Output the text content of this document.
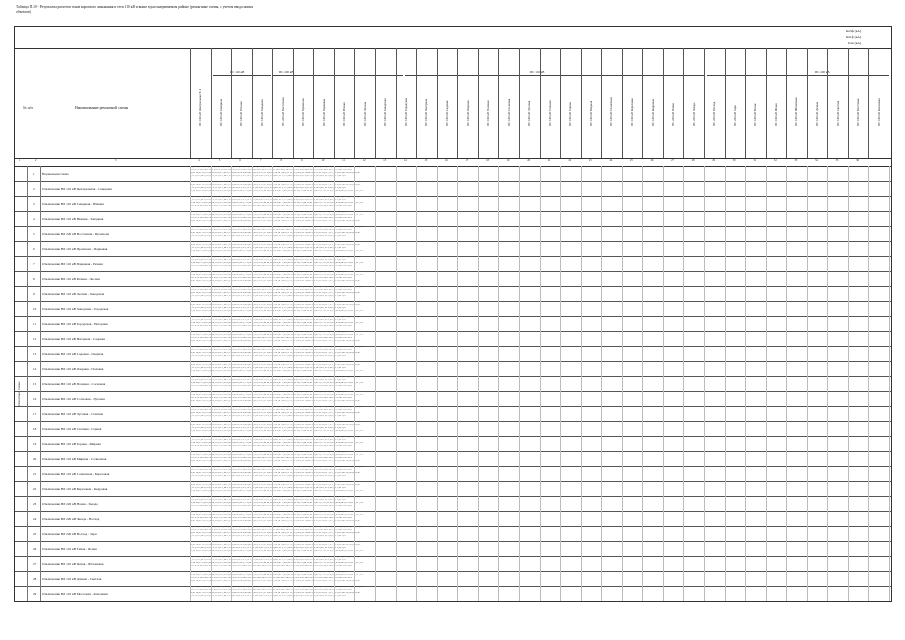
Таблица П.10 - Результаты расчетов токов короткого замыкания в сети 110 кВ и выше в рассматриваемом районе (ремонтные схемы, с учетом ввода новых объектов)
Iкз3ф (кА)
Iкз1ф (кА)
Iотк (кА)
№ п/п	Наименование ремонтной схемы
ПС 110 кВ	ПС 220 кВ	ПС 110 кВ	ПС 220 кВ
ПС 110 кВ Центральная Т-1	ПС 110 кВ Северная	ПС 110 кВ Южная	ПС 110 кВ Западная	ПС 220 кВ Восточная	ПС 110 кВ Промзона	ПС 110 кВ Парковая	ПС 110 кВ Речная	ПС 110 кВ Лесная	ПС 110 кВ Заводская	ПС 110 кВ Городская	ПС 110 кВ Нагорная	ПС 110 кВ Садовая	ПС 110 кВ Озерная	ПС 110 кВ Полевая	ПС 110 кВ Сосновая	ПС 110 кВ Луговая	ПС 110 кВ Степная	ПС 110 кВ Горная	ПС 110 кВ Мирная	ПС 110 кВ Солнечная	ПС 110 кВ Березовая	ПС 110 кВ Кедровая	ПС 220 кВ Новая	ПС 220 кВ Звезда	ПС 220 кВ Восход	ПС 220 кВ Заря	ПС 110 кВ Тихая	ПС 110 кВ Ясная	ПС 110 кВ Яблоневая	ПС 110 кВ Дачная	ПС 110 кВ Светлая	ПС 110 кВ Мостовая	ПС 110 кВ Ключевая
1	2	3	4	5	6	7	8	9	10	11	12	13	14	15	16	17	18	19	20	21	22	23	24	25	26	27	28	29	30	31	32	33	34	35	36
Ремонтные схемы
1 Нормальная схема
11,24 10,87 12,03 9,56 14,21 8,93 7,65 6,82 10,44 11,09 9,77 8,34 7,91 6,55 12,68 10,13 9,02 8,47 7,38 6,96 11,85 10,27 9,64 15,42 13,86 12,71 11,33 8,25 7,49 6,88 9,31 10,52 8,76 7,14
95% 97% 98% 96% 94% 99% 97% 95% 98% 96% 97% 94% 95% 99% 98% 96% 97% 95% 98% 96% 94% 97% 95% 99% 98% 96% 97% 95% 98% 96% 97% 94% 95% 99%
10,92 10,41 11,76 9,18 13,95 8,61 7,42 6,57 10,08 10,74 9,43 8,02 7,66 6,31 12,27 9,85 8,79 8,14 7,06 6,71 11,52 9,96 9,33 15,08 13,51 12,39 11,02 7,97 7,21 6,63 9,02 10,19 8,44 6,87
3,51 3,22 2,98 2,61 4,12 2,35 2,07 1,84 2,76 3,05 2,69 2,31 2,16 1,79 3,38 2,83 2,52 2,37 2,04 1,91 3,27 2,88 2,66 4,61 4,13 3,82 3,17 2,28 2,09 1,93 2,58 2,97 2,42 2,01
2 Отключение ВЛ 110 кВ Центральная - Северная
95% 97% 98% 96% 94% 99% 97% 95% 98% 96% 97% 94% 95% 99% 98% 96% 97% 95% 98% 96% 94% 97% 95% 99% 98% 96% 97% 95% 98% 96% 97% 94% 95% 99%
10,92 10,41 11,76 9,18 13,95 8,61 7,42 6,57 10,08 10,74 9,43 8,02 7,66 6,31 12,27 9,85 8,79 8,14 7,06 6,71 11,52 9,96 9,33 15,08 13,51 12,39 11,02 7,97 7,21 6,63 9,02 10,19 8,44 6,87
3,51 3,22 2,98 2,61 4,12 2,35 2,07 1,84 2,76 3,05 2,69 2,31 2,16 1,79 3,38 2,83 2,52 2,37 2,04 1,91 3,27 2,88 2,66 4,61 4,13 3,82 3,17 2,28 2,09 1,93 2,58 2,97 2,42 2,01
11,24 10,87 12,03 9,56 14,21 8,93 7,65 6,82 10,44 11,09 9,77 8,34 7,91 6,55 12,68 10,13 9,02 8,47 7,38 6,96 11,85 10,27 9,64 15,42 13,86 12,71 11,33 8,25 7,49 6,88 9,31 10,52 8,76 7,14
3 Отключение ВЛ 110 кВ Северная - Южная
10,92 10,41 11,76 9,18 13,95 8,61 7,42 6,57 10,08 10,74 9,43 8,02 7,66 6,31 12,27 9,85 8,79 8,14 7,06 6,71 11,52 9,96 9,33 15,08 13,51 12,39 11,02 7,97 7,21 6,63 9,02 10,19 8,44 6,87
3,51 3,22 2,98 2,61 4,12 2,35 2,07 1,84 2,76 3,05 2,69 2,31 2,16 1,79 3,38 2,83 2,52 2,37 2,04 1,91 3,27 2,88 2,66 4,61 4,13 3,82 3,17 2,28 2,09 1,93 2,58 2,97 2,42 2,01
11,24 10,87 12,03 9,56 14,21 8,93 7,65 6,82 10,44 11,09 9,77 8,34 7,91 6,55 12,68 10,13 9,02 8,47 7,38 6,96 11,85 10,27 9,64 15,42 13,86 12,71 11,33 8,25 7,49 6,88 9,31 10,52 8,76 7,14
95% 97% 98% 96% 94% 99% 97% 95% 98% 96% 97% 94% 95% 99% 98% 96% 97% 95% 98% 96% 94% 97% 95% 99% 98% 96% 97% 95% 98% 96% 97% 94% 95% 99%
4 Отключение ВЛ 110 кВ Южная - Западная
3,51 3,22 2,98 2,61 4,12 2,35 2,07 1,84 2,76 3,05 2,69 2,31 2,16 1,79 3,38 2,83 2,52 2,37 2,04 1,91 3,27 2,88 2,66 4,61 4,13 3,82 3,17 2,28 2,09 1,93 2,58 2,97 2,42 2,01
11,24 10,87 12,03 9,56 14,21 8,93 7,65 6,82 10,44 11,09 9,77 8,34 7,91 6,55 12,68 10,13 9,02 8,47 7,38 6,96 11,85 10,27 9,64 15,42 13,86 12,71 11,33 8,25 7,49 6,88 9,31 10,52 8,76 7,14
95% 97% 98% 96% 94% 99% 97% 95% 98% 96% 97% 94% 95% 99% 98% 96% 97% 95% 98% 96% 94% 97% 95% 99% 98% 96% 97% 95% 98% 96% 97% 94% 95% 99%
10,92 10,41 11,76 9,18 13,95 8,61 7,42 6,57 10,08 10,74 9,43 8,02 7,66 6,31 12,27 9,85 8,79 8,14 7,06 6,71 11,52 9,96 9,33 15,08 13,51 12,39 11,02 7,97 7,21 6,63 9,02 10,19 8,44 6,87
5 Отключение ВЛ 220 кВ Восточная - Промзона
11,24 10,87 12,03 9,56 14,21 8,93 7,65 6,82 10,44 11,09 9,77 8,34 7,91 6,55 12,68 10,13 9,02 8,47 7,38 6,96 11,85 10,27 9,64 15,42 13,86 12,71 11,33 8,25 7,49 6,88 9,31 10,52 8,76 7,14
95% 97% 98% 96% 94% 99% 97% 95% 98% 96% 97% 94% 95% 99% 98% 96% 97% 95% 98% 96% 94% 97% 95% 99% 98% 96% 97% 95% 98% 96% 97% 94% 95% 99%
10,92 10,41 11,76 9,18 13,95 8,61 7,42 6,57 10,08 10,74 9,43 8,02 7,66 6,31 12,27 9,85 8,79 8,14 7,06 6,71 11,52 9,96 9,33 15,08 13,51 12,39 11,02 7,97 7,21 6,63 9,02 10,19 8,44 6,87
3,51 3,22 2,98 2,61 4,12 2,35 2,07 1,84 2,76 3,05 2,69 2,31 2,16 1,79 3,38 2,83 2,52 2,37 2,04 1,91 3,27 2,88 2,66 4,61 4,13 3,82 3,17 2,28 2,09 1,93 2,58 2,97 2,42 2,01
6 Отключение ВЛ 110 кВ Промзона - Парковая
95% 97% 98% 96% 94% 99% 97% 95% 98% 96% 97% 94% 95% 99% 98% 96% 97% 95% 98% 96% 94% 97% 95% 99% 98% 96% 97% 95% 98% 96% 97% 94% 95% 99%
10,92 10,41 11,76 9,18 13,95 8,61 7,42 6,57 10,08 10,74 9,43 8,02 7,66 6,31 12,27 9,85 8,79 8,14 7,06 6,71 11,52 9,96 9,33 15,08 13,51 12,39 11,02 7,97 7,21 6,63 9,02 10,19 8,44 6,87
3,51 3,22 2,98 2,61 4,12 2,35 2,07 1,84 2,76 3,05 2,69 2,31 2,16 1,79 3,38 2,83 2,52 2,37 2,04 1,91 3,27 2,88 2,66 4,61 4,13 3,82 3,17 2,28 2,09 1,93 2,58 2,97 2,42 2,01
11,24 10,87 12,03 9,56 14,21 8,93 7,65 6,82 10,44 11,09 9,77 8,34 7,91 6,55 12,68 10,13 9,02 8,47 7,38 6,96 11,85 10,27 9,64 15,42 13,86 12,71 11,33 8,25 7,49 6,88 9,31 10,52 8,76 7,14
7 Отключение ВЛ 110 кВ Парковая - Речная
10,92 10,41 11,76 9,18 13,95 8,61 7,42 6,57 10,08 10,74 9,43 8,02 7,66 6,31 12,27 9,85 8,79 8,14 7,06 6,71 11,52 9,96 9,33 15,08 13,51 12,39 11,02 7,97 7,21 6,63 9,02 10,19 8,44 6,87
3,51 3,22 2,98 2,61 4,12 2,35 2,07 1,84 2,76 3,05 2,69 2,31 2,16 1,79 3,38 2,83 2,52 2,37 2,04 1,91 3,27 2,88 2,66 4,61 4,13 3,82 3,17 2,28 2,09 1,93 2,58 2,97 2,42 2,01
11,24 10,87 12,03 9,56 14,21 8,93 7,65 6,82 10,44 11,09 9,77 8,34 7,91 6,55 12,68 10,13 9,02 8,47 7,38 6,96 11,85 10,27 9,64 15,42 13,86 12,71 11,33 8,25 7,49 6,88 9,31 10,52 8,76 7,14
95% 97% 98% 96% 94% 99% 97% 95% 98% 96% 97% 94% 95% 99% 98% 96% 97% 95% 98% 96% 94% 97% 95% 99% 98% 96% 97% 95% 98% 96% 97% 94% 95% 99%
8 Отключение ВЛ 110 кВ Речная - Лесная
3,51 3,22 2,98 2,61 4,12 2,35 2,07 1,84 2,76 3,05 2,69 2,31 2,16 1,79 3,38 2,83 2,52 2,37 2,04 1,91 3,27 2,88 2,66 4,61 4,13 3,82 3,17 2,28 2,09 1,93 2,58 2,97 2,42 2,01
11,24 10,87 12,03 9,56 14,21 8,93 7,65 6,82 10,44 11,09 9,77 8,34 7,91 6,55 12,68 10,13 9,02 8,47 7,38 6,96 11,85 10,27 9,64 15,42 13,86 12,71 11,33 8,25 7,49 6,88 9,31 10,52 8,76 7,14
95% 97% 98% 96% 94% 99% 97% 95% 98% 96% 97% 94% 95% 99% 98% 96% 97% 95% 98% 96% 94% 97% 95% 99% 98% 96% 97% 95% 98% 96% 97% 94% 95% 99%
10,92 10,41 11,76 9,18 13,95 8,61 7,42 6,57 10,08 10,74 9,43 8,02 7,66 6,31 12,27 9,85 8,79 8,14 7,06 6,71 11,52 9,96 9,33 15,08 13,51 12,39 11,02 7,97 7,21 6,63 9,02 10,19 8,44 6,87
9 Отключение ВЛ 110 кВ Лесная - Заводская
11,24 10,87 12,03 9,56 14,21 8,93 7,65 6,82 10,44 11,09 9,77 8,34 7,91 6,55 12,68 10,13 9,02 8,47 7,38 6,96 11,85 10,27 9,64 15,42 13,86 12,71 11,33 8,25 7,49 6,88 9,31 10,52 8,76 7,14
95% 97% 98% 96% 94% 99% 97% 95% 98% 96% 97% 94% 95% 99% 98% 96% 97% 95% 98% 96% 94% 97% 95% 99% 98% 96% 97% 95% 98% 96% 97% 94% 95% 99%
10,92 10,41 11,76 9,18 13,95 8,61 7,42 6,57 10,08 10,74 9,43 8,02 7,66 6,31 12,27 9,85 8,79 8,14 7,06 6,71 11,52 9,96 9,33 15,08 13,51 12,39 11,02 7,97 7,21 6,63 9,02 10,19 8,44 6,87
3,51 3,22 2,98 2,61 4,12 2,35 2,07 1,84 2,76 3,05 2,69 2,31 2,16 1,79 3,38 2,83 2,52 2,37 2,04 1,91 3,27 2,88 2,66 4,61 4,13 3,82 3,17 2,28 2,09 1,93 2,58 2,97 2,42 2,01
10 Отключение ВЛ 110 кВ Заводская - Городская
95% 97% 98% 96% 94% 99% 97% 95% 98% 96% 97% 94% 95% 99% 98% 96% 97% 95% 98% 96% 94% 97% 95% 99% 98% 96% 97% 95% 98% 96% 97% 94% 95% 99%
10,92 10,41 11,76 9,18 13,95 8,61 7,42 6,57 10,08 10,74 9,43 8,02 7,66 6,31 12,27 9,85 8,79 8,14 7,06 6,71 11,52 9,96 9,33 15,08 13,51 12,39 11,02 7,97 7,21 6,63 9,02 10,19 8,44 6,87
3,51 3,22 2,98 2,61 4,12 2,35 2,07 1,84 2,76 3,05 2,69 2,31 2,16 1,79 3,38 2,83 2,52 2,37 2,04 1,91 3,27 2,88 2,66 4,61 4,13 3,82 3,17 2,28 2,09 1,93 2,58 2,97 2,42 2,01
11,24 10,87 12,03 9,56 14,21 8,93 7,65 6,82 10,44 11,09 9,77 8,34 7,91 6,55 12,68 10,13 9,02 8,47 7,38 6,96 11,85 10,27 9,64 15,42 13,86 12,71 11,33 8,25 7,49 6,88 9,31 10,52 8,76 7,14
11 Отключение ВЛ 110 кВ Городская - Нагорная
10,92 10,41 11,76 9,18 13,95 8,61 7,42 6,57 10,08 10,74 9,43 8,02 7,66 6,31 12,27 9,85 8,79 8,14 7,06 6,71 11,52 9,96 9,33 15,08 13,51 12,39 11,02 7,97 7,21 6,63 9,02 10,19 8,44 6,87
3,51 3,22 2,98 2,61 4,12 2,35 2,07 1,84 2,76 3,05 2,69 2,31 2,16 1,79 3,38 2,83 2,52 2,37 2,04 1,91 3,27 2,88 2,66 4,61 4,13 3,82 3,17 2,28 2,09 1,93 2,58 2,97 2,42 2,01
11,24 10,87 12,03 9,56 14,21 8,93 7,65 6,82 10,44 11,09 9,77 8,34 7,91 6,55 12,68 10,13 9,02 8,47 7,38 6,96 11,85 10,27 9,64 15,42 13,86 12,71 11,33 8,25 7,49 6,88 9,31 10,52 8,76 7,14
95% 97% 98% 96% 94% 99% 97% 95% 98% 96% 97% 94% 95% 99% 98% 96% 97% 95% 98% 96% 94% 97% 95% 99% 98% 96% 97% 95% 98% 96% 97% 94% 95% 99%
12 Отключение ВЛ 110 кВ Нагорная - Садовая
3,51 3,22 2,98 2,61 4,12 2,35 2,07 1,84 2,76 3,05 2,69 2,31 2,16 1,79 3,38 2,83 2,52 2,37 2,04 1,91 3,27 2,88 2,66 4,61 4,13 3,82 3,17 2,28 2,09 1,93 2,58 2,97 2,42 2,01
11,24 10,87 12,03 9,56 14,21 8,93 7,65 6,82 10,44 11,09 9,77 8,34 7,91 6,55 12,68 10,13 9,02 8,47 7,38 6,96 11,85 10,27 9,64 15,42 13,86 12,71 11,33 8,25 7,49 6,88 9,31 10,52 8,76 7,14
95% 97% 98% 96% 94% 99% 97% 95% 98% 96% 97% 94% 95% 99% 98% 96% 97% 95% 98% 96% 94% 97% 95% 99% 98% 96% 97% 95% 98% 96% 97% 94% 95% 99%
10,92 10,41 11,76 9,18 13,95 8,61 7,42 6,57 10,08 10,74 9,43 8,02 7,66 6,31 12,27 9,85 8,79 8,14 7,06 6,71 11,52 9,96 9,33 15,08 13,51 12,39 11,02 7,97 7,21 6,63 9,02 10,19 8,44 6,87
13 Отключение ВЛ 110 кВ Садовая - Озерная
11,24 10,87 12,03 9,56 14,21 8,93 7,65 6,82 10,44 11,09 9,77 8,34 7,91 6,55 12,68 10,13 9,02 8,47 7,38 6,96 11,85 10,27 9,64 15,42 13,86 12,71 11,33 8,25 7,49 6,88 9,31 10,52 8,76 7,14
95% 97% 98% 96% 94% 99% 97% 95% 98% 96% 97% 94% 95% 99% 98% 96% 97% 95% 98% 96% 94% 97% 95% 99% 98% 96% 97% 95% 98% 96% 97% 94% 95% 99%
10,92 10,41 11,76 9,18 13,95 8,61 7,42 6,57 10,08 10,74 9,43 8,02 7,66 6,31 12,27 9,85 8,79 8,14 7,06 6,71 11,52 9,96 9,33 15,08 13,51 12,39 11,02 7,97 7,21 6,63 9,02 10,19 8,44 6,87
3,51 3,22 2,98 2,61 4,12 2,35 2,07 1,84 2,76 3,05 2,69 2,31 2,16 1,79 3,38 2,83 2,52 2,37 2,04 1,91 3,27 2,88 2,66 4,61 4,13 3,82 3,17 2,28 2,09 1,93 2,58 2,97 2,42 2,01
14 Отключение ВЛ 110 кВ Озерная - Полевая
95% 97% 98% 96% 94% 99% 97% 95% 98% 96% 97% 94% 95% 99% 98% 96% 97% 95% 98% 96% 94% 97% 95% 99% 98% 96% 97% 95% 98% 96% 97% 94% 95% 99%
10,92 10,41 11,76 9,18 13,95 8,61 7,42 6,57 10,08 10,74 9,43 8,02 7,66 6,31 12,27 9,85 8,79 8,14 7,06 6,71 11,52 9,96 9,33 15,08 13,51 12,39 11,02 7,97 7,21 6,63 9,02 10,19 8,44 6,87
3,51 3,22 2,98 2,61 4,12 2,35 2,07 1,84 2,76 3,05 2,69 2,31 2,16 1,79 3,38 2,83 2,52 2,37 2,04 1,91 3,27 2,88 2,66 4,61 4,13 3,82 3,17 2,28 2,09 1,93 2,58 2,97 2,42 2,01
11,24 10,87 12,03 9,56 14,21 8,93 7,65 6,82 10,44 11,09 9,77 8,34 7,91 6,55 12,68 10,13 9,02 8,47 7,38 6,96 11,85 10,27 9,64 15,42 13,86 12,71 11,33 8,25 7,49 6,88 9,31 10,52 8,76 7,14
15 Отключение ВЛ 110 кВ Полевая - Сосновая
10,92 10,41 11,76 9,18 13,95 8,61 7,42 6,57 10,08 10,74 9,43 8,02 7,66 6,31 12,27 9,85 8,79 8,14 7,06 6,71 11,52 9,96 9,33 15,08 13,51 12,39 11,02 7,97 7,21 6,63 9,02 10,19 8,44 6,87
3,51 3,22 2,98 2,61 4,12 2,35 2,07 1,84 2,76 3,05 2,69 2,31 2,16 1,79 3,38 2,83 2,52 2,37 2,04 1,91 3,27 2,88 2,66 4,61 4,13 3,82 3,17 2,28 2,09 1,93 2,58 2,97 2,42 2,01
11,24 10,87 12,03 9,56 14,21 8,93 7,65 6,82 10,44 11,09 9,77 8,34 7,91 6,55 12,68 10,13 9,02 8,47 7,38 6,96 11,85 10,27 9,64 15,42 13,86 12,71 11,33 8,25 7,49 6,88 9,31 10,52 8,76 7,14
95% 97% 98% 96% 94% 99% 97% 95% 98% 96% 97% 94% 95% 99% 98% 96% 97% 95% 98% 96% 94% 97% 95% 99% 98% 96% 97% 95% 98% 96% 97% 94% 95% 99%
16 Отключение ВЛ 110 кВ Сосновая - Луговая
3,51 3,22 2,98 2,61 4,12 2,35 2,07 1,84 2,76 3,05 2,69 2,31 2,16 1,79 3,38 2,83 2,52 2,37 2,04 1,91 3,27 2,88 2,66 4,61 4,13 3,82 3,17 2,28 2,09 1,93 2,58 2,97 2,42 2,01
11,24 10,87 12,03 9,56 14,21 8,93 7,65 6,82 10,44 11,09 9,77 8,34 7,91 6,55 12,68 10,13 9,02 8,47 7,38 6,96 11,85 10,27 9,64 15,42 13,86 12,71 11,33 8,25 7,49 6,88 9,31 10,52 8,76 7,14
95% 97% 98% 96% 94% 99% 97% 95% 98% 96% 97% 94% 95% 99% 98% 96% 97% 95% 98% 96% 94% 97% 95% 99% 98% 96% 97% 95% 98% 96% 97% 94% 95% 99%
10,92 10,41 11,76 9,18 13,95 8,61 7,42 6,57 10,08 10,74 9,43 8,02 7,66 6,31 12,27 9,85 8,79 8,14 7,06 6,71 11,52 9,96 9,33 15,08 13,51 12,39 11,02 7,97 7,21 6,63 9,02 10,19 8,44 6,87
17 Отключение ВЛ 110 кВ Луговая - Степная
11,24 10,87 12,03 9,56 14,21 8,93 7,65 6,82 10,44 11,09 9,77 8,34 7,91 6,55 12,68 10,13 9,02 8,47 7,38 6,96 11,85 10,27 9,64 15,42 13,86 12,71 11,33 8,25 7,49 6,88 9,31 10,52 8,76 7,14
95% 97% 98% 96% 94% 99% 97% 95% 98% 96% 97% 94% 95% 99% 98% 96% 97% 95% 98% 96% 94% 97% 95% 99% 98% 96% 97% 95% 98% 96% 97% 94% 95% 99%
10,92 10,41 11,76 9,18 13,95 8,61 7,42 6,57 10,08 10,74 9,43 8,02 7,66 6,31 12,27 9,85 8,79 8,14 7,06 6,71 11,52 9,96 9,33 15,08 13,51 12,39 11,02 7,97 7,21 6,63 9,02 10,19 8,44 6,87
3,51 3,22 2,98 2,61 4,12 2,35 2,07 1,84 2,76 3,05 2,69 2,31 2,16 1,79 3,38 2,83 2,52 2,37 2,04 1,91 3,27 2,88 2,66 4,61 4,13 3,82 3,17 2,28 2,09 1,93 2,58 2,97 2,42 2,01
18 Отключение ВЛ 110 кВ Степная - Горная
95% 97% 98% 96% 94% 99% 97% 95% 98% 96% 97% 94% 95% 99% 98% 96% 97% 95% 98% 96% 94% 97% 95% 99% 98% 96% 97% 95% 98% 96% 97% 94% 95% 99%
10,92 10,41 11,76 9,18 13,95 8,61 7,42 6,57 10,08 10,74 9,43 8,02 7,66 6,31 12,27 9,85 8,79 8,14 7,06 6,71 11,52 9,96 9,33 15,08 13,51 12,39 11,02 7,97 7,21 6,63 9,02 10,19 8,44 6,87
3,51 3,22 2,98 2,61 4,12 2,35 2,07 1,84 2,76 3,05 2,69 2,31 2,16 1,79 3,38 2,83 2,52 2,37 2,04 1,91 3,27 2,88 2,66 4,61 4,13 3,82 3,17 2,28 2,09 1,93 2,58 2,97 2,42 2,01
11,24 10,87 12,03 9,56 14,21 8,93 7,65 6,82 10,44 11,09 9,77 8,34 7,91 6,55 12,68 10,13 9,02 8,47 7,38 6,96 11,85 10,27 9,64 15,42 13,86 12,71 11,33 8,25 7,49 6,88 9,31 10,52 8,76 7,14
19 Отключение ВЛ 110 кВ Горная - Мирная
10,92 10,41 11,76 9,18 13,95 8,61 7,42 6,57 10,08 10,74 9,43 8,02 7,66 6,31 12,27 9,85 8,79 8,14 7,06 6,71 11,52 9,96 9,33 15,08 13,51 12,39 11,02 7,97 7,21 6,63 9,02 10,19 8,44 6,87
3,51 3,22 2,98 2,61 4,12 2,35 2,07 1,84 2,76 3,05 2,69 2,31 2,16 1,79 3,38 2,83 2,52 2,37 2,04 1,91 3,27 2,88 2,66 4,61 4,13 3,82 3,17 2,28 2,09 1,93 2,58 2,97 2,42 2,01
11,24 10,87 12,03 9,56 14,21 8,93 7,65 6,82 10,44 11,09 9,77 8,34 7,91 6,55 12,68 10,13 9,02 8,47 7,38 6,96 11,85 10,27 9,64 15,42 13,86 12,71 11,33 8,25 7,49 6,88 9,31 10,52 8,76 7,14
95% 97% 98% 96% 94% 99% 97% 95% 98% 96% 97% 94% 95% 99% 98% 96% 97% 95% 98% 96% 94% 97% 95% 99% 98% 96% 97% 95% 98% 96% 97% 94% 95% 99%
20 Отключение ВЛ 110 кВ Мирная - Солнечная
3,51 3,22 2,98 2,61 4,12 2,35 2,07 1,84 2,76 3,05 2,69 2,31 2,16 1,79 3,38 2,83 2,52 2,37 2,04 1,91 3,27 2,88 2,66 4,61 4,13 3,82 3,17 2,28 2,09 1,93 2,58 2,97 2,42 2,01
11,24 10,87 12,03 9,56 14,21 8,93 7,65 6,82 10,44 11,09 9,77 8,34 7,91 6,55 12,68 10,13 9,02 8,47 7,38 6,96 11,85 10,27 9,64 15,42 13,86 12,71 11,33 8,25 7,49 6,88 9,31 10,52 8,76 7,14
95% 97% 98% 96% 94% 99% 97% 95% 98% 96% 97% 94% 95% 99% 98% 96% 97% 95% 98% 96% 94% 97% 95% 99% 98% 96% 97% 95% 98% 96% 97% 94% 95% 99%
10,92 10,41 11,76 9,18 13,95 8,61 7,42 6,57 10,08 10,74 9,43 8,02 7,66 6,31 12,27 9,85 8,79 8,14 7,06 6,71 11,52 9,96 9,33 15,08 13,51 12,39 11,02 7,97 7,21 6,63 9,02 10,19 8,44 6,87
21 Отключение ВЛ 110 кВ Солнечная - Березовая
11,24 10,87 12,03 9,56 14,21 8,93 7,65 6,82 10,44 11,09 9,77 8,34 7,91 6,55 12,68 10,13 9,02 8,47 7,38 6,96 11,85 10,27 9,64 15,42 13,86 12,71 11,33 8,25 7,49 6,88 9,31 10,52 8,76 7,14
95% 97% 98% 96% 94% 99% 97% 95% 98% 96% 97% 94% 95% 99% 98% 96% 97% 95% 98% 96% 94% 97% 95% 99% 98% 96% 97% 95% 98% 96% 97% 94% 95% 99%
10,92 10,41 11,76 9,18 13,95 8,61 7,42 6,57 10,08 10,74 9,43 8,02 7,66 6,31 12,27 9,85 8,79 8,14 7,06 6,71 11,52 9,96 9,33 15,08 13,51 12,39 11,02 7,97 7,21 6,63 9,02 10,19 8,44 6,87
3,51 3,22 2,98 2,61 4,12 2,35 2,07 1,84 2,76 3,05 2,69 2,31 2,16 1,79 3,38 2,83 2,52 2,37 2,04 1,91 3,27 2,88 2,66 4,61 4,13 3,82 3,17 2,28 2,09 1,93 2,58 2,97 2,42 2,01
22 Отключение ВЛ 110 кВ Березовая - Кедровая
95% 97% 98% 96% 94% 99% 97% 95% 98% 96% 97% 94% 95% 99% 98% 96% 97% 95% 98% 96% 94% 97% 95% 99% 98% 96% 97% 95% 98% 96% 97% 94% 95% 99%
10,92 10,41 11,76 9,18 13,95 8,61 7,42 6,57 10,08 10,74 9,43 8,02 7,66 6,31 12,27 9,85 8,79 8,14 7,06 6,71 11,52 9,96 9,33 15,08 13,51 12,39 11,02 7,97 7,21 6,63 9,02 10,19 8,44 6,87
3,51 3,22 2,98 2,61 4,12 2,35 2,07 1,84 2,76 3,05 2,69 2,31 2,16 1,79 3,38 2,83 2,52 2,37 2,04 1,91 3,27 2,88 2,66 4,61 4,13 3,82 3,17 2,28 2,09 1,93 2,58 2,97 2,42 2,01
11,24 10,87 12,03 9,56 14,21 8,93 7,65 6,82 10,44 11,09 9,77 8,34 7,91 6,55 12,68 10,13 9,02 8,47 7,38 6,96 11,85 10,27 9,64 15,42 13,86 12,71 11,33 8,25 7,49 6,88 9,31 10,52 8,76 7,14
23 Отключение ВЛ 220 кВ Новая - Звезда
10,92 10,41 11,76 9,18 13,95 8,61 7,42 6,57 10,08 10,74 9,43 8,02 7,66 6,31 12,27 9,85 8,79 8,14 7,06 6,71 11,52 9,96 9,33 15,08 13,51 12,39 11,02 7,97 7,21 6,63 9,02 10,19 8,44 6,87
3,51 3,22 2,98 2,61 4,12 2,35 2,07 1,84 2,76 3,05 2,69 2,31 2,16 1,79 3,38 2,83 2,52 2,37 2,04 1,91 3,27 2,88 2,66 4,61 4,13 3,82 3,17 2,28 2,09 1,93 2,58 2,97 2,42 2,01
11,24 10,87 12,03 9,56 14,21 8,93 7,65 6,82 10,44 11,09 9,77 8,34 7,91 6,55 12,68 10,13 9,02 8,47 7,38 6,96 11,85 10,27 9,64 15,42 13,86 12,71 11,33 8,25 7,49 6,88 9,31 10,52 8,76 7,14
95% 97% 98% 96% 94% 99% 97% 95% 98% 96% 97% 94% 95% 99% 98% 96% 97% 95% 98% 96% 94% 97% 95% 99% 98% 96% 97% 95% 98% 96% 97% 94% 95% 99%
24 Отключение ВЛ 220 кВ Звезда - Восход
3,51 3,22 2,98 2,61 4,12 2,35 2,07 1,84 2,76 3,05 2,69 2,31 2,16 1,79 3,38 2,83 2,52 2,37 2,04 1,91 3,27 2,88 2,66 4,61 4,13 3,82 3,17 2,28 2,09 1,93 2,58 2,97 2,42 2,01
11,24 10,87 12,03 9,56 14,21 8,93 7,65 6,82 10,44 11,09 9,77 8,34 7,91 6,55 12,68 10,13 9,02 8,47 7,38 6,96 11,85 10,27 9,64 15,42 13,86 12,71 11,33 8,25 7,49 6,88 9,31 10,52 8,76 7,14
95% 97% 98% 96% 94% 99% 97% 95% 98% 96% 97% 94% 95% 99% 98% 96% 97% 95% 98% 96% 94% 97% 95% 99% 98% 96% 97% 95% 98% 96% 97% 94% 95% 99%
10,92 10,41 11,76 9,18 13,95 8,61 7,42 6,57 10,08 10,74 9,43 8,02 7,66 6,31 12,27 9,85 8,79 8,14 7,06 6,71 11,52 9,96 9,33 15,08 13,51 12,39 11,02 7,97 7,21 6,63 9,02 10,19 8,44 6,87
25 Отключение ВЛ 220 кВ Восход - Заря
11,24 10,87 12,03 9,56 14,21 8,93 7,65 6,82 10,44 11,09 9,77 8,34 7,91 6,55 12,68 10,13 9,02 8,47 7,38 6,96 11,85 10,27 9,64 15,42 13,86 12,71 11,33 8,25 7,49 6,88 9,31 10,52 8,76 7,14
95% 97% 98% 96% 94% 99% 97% 95% 98% 96% 97% 94% 95% 99% 98% 96% 97% 95% 98% 96% 94% 97% 95% 99% 98% 96% 97% 95% 98% 96% 97% 94% 95% 99%
10,92 10,41 11,76 9,18 13,95 8,61 7,42 6,57 10,08 10,74 9,43 8,02 7,66 6,31 12,27 9,85 8,79 8,14 7,06 6,71 11,52 9,96 9,33 15,08 13,51 12,39 11,02 7,97 7,21 6,63 9,02 10,19 8,44 6,87
3,51 3,22 2,98 2,61 4,12 2,35 2,07 1,84 2,76 3,05 2,69 2,31 2,16 1,79 3,38 2,83 2,52 2,37 2,04 1,91 3,27 2,88 2,66 4,61 4,13 3,82 3,17 2,28 2,09 1,93 2,58 2,97 2,42 2,01
26 Отключение ВЛ 110 кВ Тихая - Ясная
95% 97% 98% 96% 94% 99% 97% 95% 98% 96% 97% 94% 95% 99% 98% 96% 97% 95% 98% 96% 94% 97% 95% 99% 98% 96% 97% 95% 98% 96% 97% 94% 95% 99%
10,92 10,41 11,76 9,18 13,95 8,61 7,42 6,57 10,08 10,74 9,43 8,02 7,66 6,31 12,27 9,85 8,79 8,14 7,06 6,71 11,52 9,96 9,33 15,08 13,51 12,39 11,02 7,97 7,21 6,63 9,02 10,19 8,44 6,87
3,51 3,22 2,98 2,61 4,12 2,35 2,07 1,84 2,76 3,05 2,69 2,31 2,16 1,79 3,38 2,83 2,52 2,37 2,04 1,91 3,27 2,88 2,66 4,61 4,13 3,82 3,17 2,28 2,09 1,93 2,58 2,97 2,42 2,01
11,24 10,87 12,03 9,56 14,21 8,93 7,65 6,82 10,44 11,09 9,77 8,34 7,91 6,55 12,68 10,13 9,02 8,47 7,38 6,96 11,85 10,27 9,64 15,42 13,86 12,71 11,33 8,25 7,49 6,88 9,31 10,52 8,76 7,14
27 Отключение ВЛ 110 кВ Ясная - Яблоневая
10,92 10,41 11,76 9,18 13,95 8,61 7,42 6,57 10,08 10,74 9,43 8,02 7,66 6,31 12,27 9,85 8,79 8,14 7,06 6,71 11,52 9,96 9,33 15,08 13,51 12,39 11,02 7,97 7,21 6,63 9,02 10,19 8,44 6,87
3,51 3,22 2,98 2,61 4,12 2,35 2,07 1,84 2,76 3,05 2,69 2,31 2,16 1,79 3,38 2,83 2,52 2,37 2,04 1,91 3,27 2,88 2,66 4,61 4,13 3,82 3,17 2,28 2,09 1,93 2,58 2,97 2,42 2,01
11,24 10,87 12,03 9,56 14,21 8,93 7,65 6,82 10,44 11,09 9,77 8,34 7,91 6,55 12,68 10,13 9,02 8,47 7,38 6,96 11,85 10,27 9,64 15,42 13,86 12,71 11,33 8,25 7,49 6,88 9,31 10,52 8,76 7,14
95% 97% 98% 96% 94% 99% 97% 95% 98% 96% 97% 94% 95% 99% 98% 96% 97% 95% 98% 96% 94% 97% 95% 99% 98% 96% 97% 95% 98% 96% 97% 94% 95% 99%
28 Отключение ВЛ 110 кВ Дачная - Светлая
3,51 3,22 2,98 2,61 4,12 2,35 2,07 1,84 2,76 3,05 2,69 2,31 2,16 1,79 3,38 2,83 2,52 2,37 2,04 1,91 3,27 2,88 2,66 4,61 4,13 3,82 3,17 2,28 2,09 1,93 2,58 2,97 2,42 2,01
11,24 10,87 12,03 9,56 14,21 8,93 7,65 6,82 10,44 11,09 9,77 8,34 7,91 6,55 12,68 10,13 9,02 8,47 7,38 6,96 11,85 10,27 9,64 15,42 13,86 12,71 11,33 8,25 7,49 6,88 9,31 10,52 8,76 7,14
95% 97% 98% 96% 94% 99% 97% 95% 98% 96% 97% 94% 95% 99% 98% 96% 97% 95% 98% 96% 94% 97% 95% 99% 98% 96% 97% 95% 98% 96% 97% 94% 95% 99%
10,92 10,41 11,76 9,18 13,95 8,61 7,42 6,57 10,08 10,74 9,43 8,02 7,66 6,31 12,27 9,85 8,79 8,14 7,06 6,71 11,52 9,96 9,33 15,08 13,51 12,39 11,02 7,97 7,21 6,63 9,02 10,19 8,44 6,87
29 Отключение ВЛ 110 кВ Мостовая - Ключевая
11,24 10,87 12,03 9,56 14,21 8,93 7,65 6,82 10,44 11,09 9,77 8,34 7,91 6,55 12,68 10,13 9,02 8,47 7,38 6,96 11,85 10,27 9,64 15,42 13,86 12,71 11,33 8,25 7,49 6,88 9,31 10,52 8,76 7,14
95% 97% 98% 96% 94% 99% 97% 95% 98% 96% 97% 94% 95% 99% 98% 96% 97% 95% 98% 96% 94% 97% 95% 99% 98% 96% 97% 95% 98% 96% 97% 94% 95% 99%
10,92 10,41 11,76 9,18 13,95 8,61 7,42 6,57 10,08 10,74 9,43 8,02 7,66 6,31 12,27 9,85 8,79 8,14 7,06 6,71 11,52 9,96 9,33 15,08 13,51 12,39 11,02 7,97 7,21 6,63 9,02 10,19 8,44 6,87
3,51 3,22 2,98 2,61 4,12 2,35 2,07 1,84 2,76 3,05 2,69 2,31 2,16 1,79 3,38 2,83 2,52 2,37 2,04 1,91 3,27 2,88 2,66 4,61 4,13 3,82 3,17 2,28 2,09 1,93 2,58 2,97 2,42 2,01
